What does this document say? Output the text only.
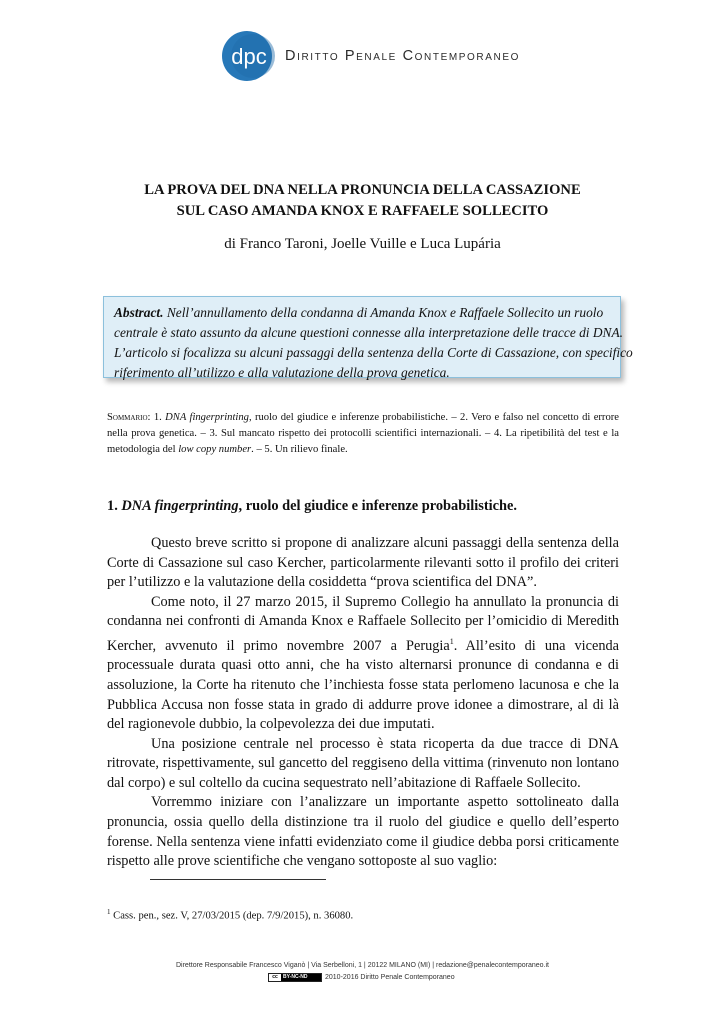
dpc Diritto Penale Contemporaneo
LA PROVA DEL DNA NELLA PRONUNCIA DELLA CASSAZIONE
SUL CASO AMANDA KNOX E RAFFAELE SOLLECITO
di Franco Taroni, Joelle Vuille e Luca Lupária
Abstract. Nell’annullamento della condanna di Amanda Knox e Raffaele Sollecito un ruolo
centrale è stato assunto da alcune questioni connesse alla interpretazione delle tracce di DNA.
L’articolo si focalizza su alcuni passaggi della sentenza della Corte di Cassazione, con specifico
riferimento all’utilizzo e alla valutazione della prova genetica.
Sommario: 1. DNA fingerprinting, ruolo del giudice e inferenze probabilistiche. – 2. Vero e falso nel concetto di errore nella prova genetica. – 3. Sul mancato rispetto dei protocolli scientifici internazionali. – 4. La ripetibilità del test e la metodologia del low copy number. – 5. Un rilievo finale.
1. DNA fingerprinting, ruolo del giudice e inferenze probabilistiche.

Questo breve scritto si propone di analizzare alcuni passaggi della sentenza della Corte di Cassazione sul caso Kercher, particolarmente rilevanti sotto il profilo dei criteri per l’utilizzo e la valutazione della cosiddetta “prova scientifica del DNA”.

Come noto, il 27 marzo 2015, il Supremo Collegio ha annullato la pronuncia di condanna nei confronti di Amanda Knox e Raffaele Sollecito per l’omicidio di Meredith Kercher, avvenuto il primo novembre 2007 a Perugia$^1$. All’esito di una vicenda processuale durata quasi otto anni, che ha visto alternarsi pronunce di condanna e di assoluzione, la Corte ha ritenuto che l’inchiesta fosse stata perlomeno lacunosa e che la Pubblica Accusa non fosse stata in grado di addurre prove idonee a dimostrare, al di là del ragionevole dubbio, la colpevolezza dei due imputati.

Una posizione centrale nel processo è stata ricoperta da due tracce di DNA ritrovate, rispettivamente, sul gancetto del reggiseno della vittima (rinvenuto non lontano dal corpo) e sul coltello da cucina sequestrato nell’abitazione di Raffaele Sollecito.

Vorremmo iniziare con l’analizzare un importante aspetto sottolineato dalla pronuncia, ossia quello della distinzione tra il ruolo del giudice e quello dell’esperto forense. Nella sentenza viene infatti evidenziato come il giudice debba porsi criticamente rispetto alle prove scientifiche che vengano sottoposte al suo vaglio:

$^1$ Cass. pen., sez. V, 27/03/2015 (dep. 7/9/2015), n. 36080.
Direttore Responsabile Francesco Viganò | Via Serbelloni, 1 | 20122 MILANO (MI) | redazione@penalecontemporaneo.it
cc	BY-NC-ND	2010-2016 Diritto Penale Contemporaneo
